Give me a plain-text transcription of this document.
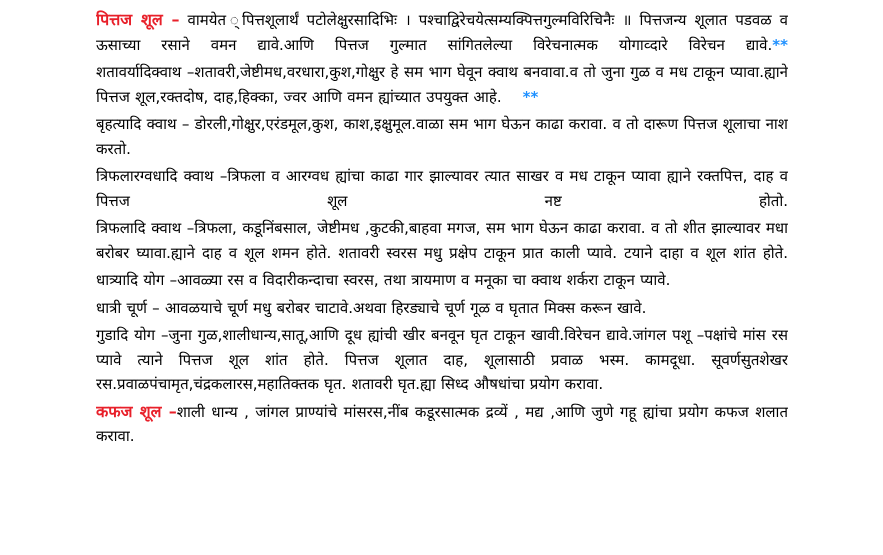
पित्तज शूल – वामयेत ्पित्तशूलार्थं पटोलेक्षुरसादिभिः । पश्चाद्विरेचयेत्सम्यक्पित्तगुल्मविरिचिनैः ॥ पित्तजन्य शूलात पडवळ व ऊसाच्या रसाने वमन द्यावे.आणि पित्तज गुल्मात सांगितलेल्या विरेचनात्मक योगाव्दारे विरेचन द्यावे.**

शतावर्यादिक्वाथ –शतावरी,जेष्टीमध,वरधारा,कुश,गोक्षुर हे सम भाग घेवून क्वाथ बनवावा.व तो जुना गुळ व मध टाकून प्यावा.ह्याने पित्तज शूल,रक्तदोष, दाह,हिक्का, ज्वर आणि वमन ह्यांच्यात उपयुक्त आहे. **

बृहत्यादि क्वाथ – डोरली,गोक्षुर,एरंडमूल,कुश, काश,इक्षुमूल.वाळा सम भाग घेऊन काढा करावा. व तो दारूण पित्तज शूलाचा नाश करतो.

त्रिफलारग्वधादि क्वाथ –त्रिफला व आरग्वध ह्यांचा काढा गार झाल्यावर त्यात साखर व मध टाकून प्यावा ह्याने रक्तपित्त, दाह व पित्तज शूल नष्ट होतो.

त्रिफलादि क्वाथ –त्रिफला, कडूनिंबसाल, जेष्टीमध ,कुटकी,बाहवा मगज, सम भाग घेऊन काढा करावा. व तो शीत झाल्यावर मधा बरोबर घ्यावा.ह्याने दाह व शूल शमन होते. शतावरी स्वरस मधु प्रक्षेप टाकून प्रात काली प्यावे. टयाने दाहा व शूल शांत होते.

धात्र्यादि योग –आवळ्या रस व विदारीकन्दाचा स्वरस, तथा त्रायमाण व मनूका चा क्वाथ शर्करा टाकून प्यावे.

धात्री चूर्ण – आवळयाचे चूर्ण मधु बरोबर चाटावे.अथवा हिरड्याचे चूर्ण गूळ व घृतात मिक्स करून खावे.

गुडादि योग –जुना गुळ,शालीधान्य,सातू,आणि दूध ह्यांची खीर बनवून घृत टाकून खावी.विरेचन द्यावे.जांगल पशू –पक्षांचे मांस रस प्यावे त्याने पित्तज शूल शांत होते. पित्तज शूलात दाह, शूलासाठी प्रवाळ भस्म. कामदूधा. सूवर्णसुतशेखर रस.प्रवाळपंचामृत,चंद्रकलारस,महातिक्तक घृत. शतावरी घृत.ह्या सिध्द औषधांचा प्रयोग करावा.

कफज शूल –शाली धान्य , जांगल प्राण्यांचे मांसरस,नींब कडूरसात्मक द्रव्यें , मद्य ,आणि जुणे गहू ह्यांचा प्रयोग कफज शलात करावा.
